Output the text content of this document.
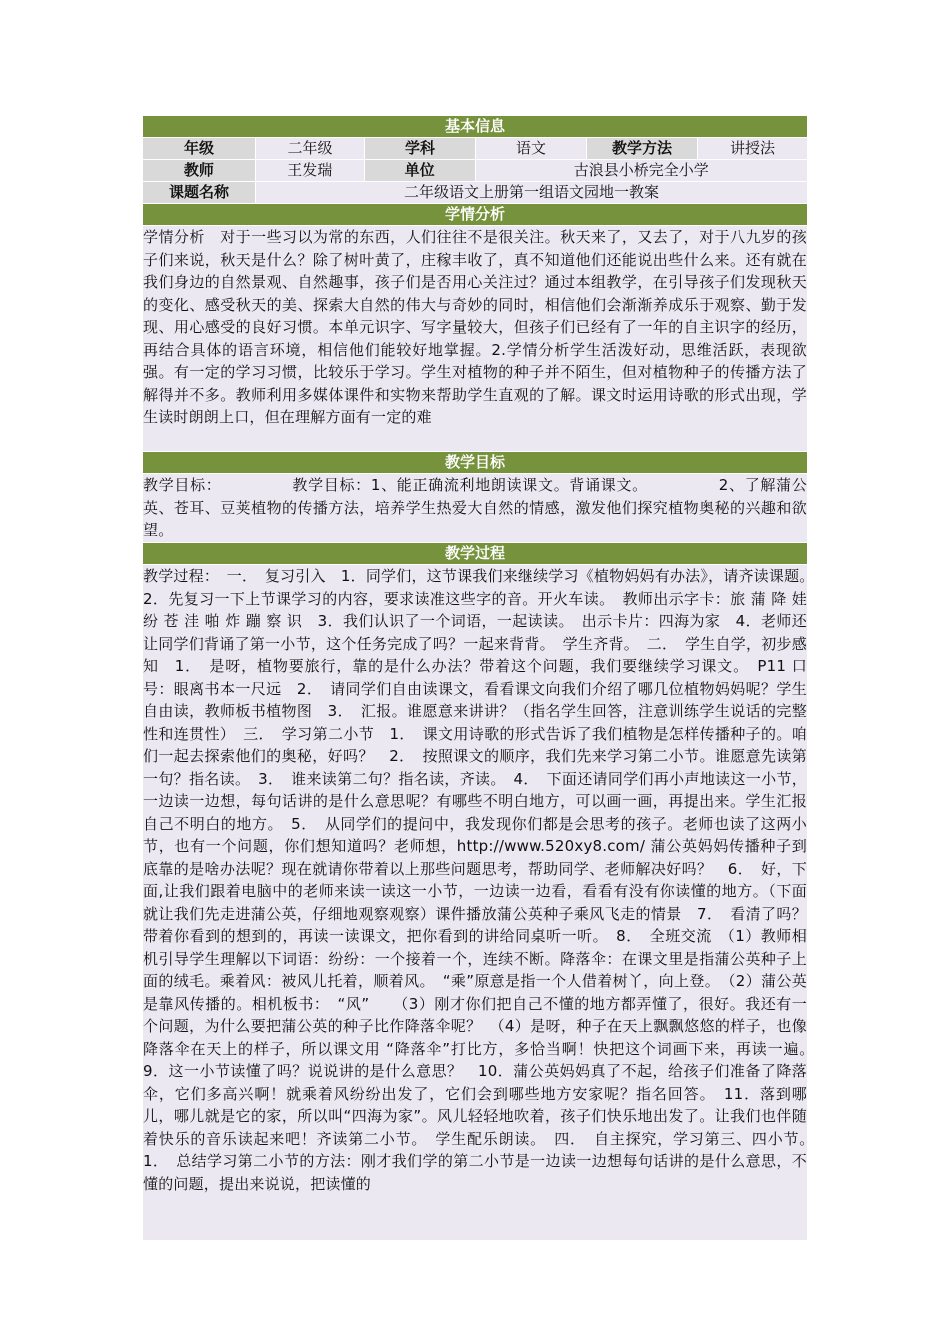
基本信息
年级	二年级	学科	语文	教学方法	讲授法
教师	王发瑞	单位	古浪县小桥完全小学
课题名称	二年级语文上册第一组语文园地一教案
学情分析
学情分析　对于一些习以为常的东西，人们往往不是很关注。秋天来了，又去了，对于八九岁的孩子们来说，秋天是什么？除了树叶黄了，庄稼丰收了，真不知道他们还能说出些什么来。还有就在我们身边的自然景观、自然趣事，孩子们是否用心关注过？通过本组教学，在引导孩子们发现秋天的变化、感受秋天的美、探索大自然的伟大与奇妙的同时，相信他们会渐渐养成乐于观察、勤于发现、用心感受的良好习惯。本单元识字、写字量较大，但孩子们已经有了一年的自主识字的经历，再结合具体的语言环境，相信他们能较好地掌握。2.学情分析学生活泼好动，思维活跃，表现欲强。有一定的学习习惯，比较乐于学习。学生对植物的种子并不陌生，但对植物种子的传播方法了解得并不多。教师利用多媒体课件和实物来帮助学生直观的了解。课文时运用诗歌的形式出现，学生读时朗朗上口，但在理解方面有一定的难
教学目标
教学目标：　　　　　教学目标：1、能正确流利地朗读课文。背诵课文。　　　　　2、了解蒲公英、苍耳、豆荚植物的传播方法，培养学生热爱大自然的情感，激发他们探究植物奥秘的兴趣和欲望。
教学过程
教学过程：　一．　复习引入　1．同学们，这节课我们来继续学习《植物妈妈有办法》，请齐读课题。　2．先复习一下上节课学习的内容，要求读准这些字的音。开火车读。　教师出示字卡：旅 蒲 降 娃 纷 苍 洼 啪 炸 蹦 察 识　3．我们认识了一个词语，一起读读。　出示卡片：四海为家　4．老师还让同学们背诵了第一小节，这个任务完成了吗？一起来背背。　学生齐背。　二．　学生自学，初步感知　1．　是呀，植物要旅行，靠的是什么办法？带着这个问题，我们要继续学习课文。　P11 口号：眼离书本一尺远　2．　请同学们自由读课文，看看课文向我们介绍了哪几位植物妈妈呢？学生自由读，教师板书植物图　3．　汇报。谁愿意来讲讲？（指名学生回答，注意训练学生说话的完整性和连贯性）　三．　学习第二小节　1．　课文用诗歌的形式告诉了我们植物是怎样传播种子的。咱们一起去探索他们的奥秘，好吗？　2．　按照课文的顺序，我们先来学习第二小节。谁愿意先读第一句？指名读。　3．　谁来读第二句？指名读，齐读。　4．　下面还请同学们再小声地读这一小节，一边读一边想，每句话讲的是什么意思呢？有哪些不明白地方，可以画一画，再提出来。学生汇报自己不明白的地方。　5．　从同学们的提问中，我发现你们都是会思考的孩子。老师也读了这两小节，也有一个问题，你们想知道吗？老师想，http://www.520xy8.com/ 蒲公英妈妈传播种子到底靠的是啥办法呢？现在就请你带着以上那些问题思考，帮助同学、老师解决好吗？　6．　好，下面,让我们跟着电脑中的老师来读一读这一小节，一边读一边看，看看有没有你读懂的地方。（下面就让我们先走进蒲公英，仔细地观察观察）课件播放蒲公英种子乘风飞走的情景　7．　看清了吗？带着你看到的想到的，再读一读课文，把你看到的讲给同桌听一听。　8．　全班交流　（1）教师相机引导学生理解以下词语：纷纷：一个接着一个，连续不断。降落伞：在课文里是指蒲公英种子上面的绒毛。乘着风：被风儿托着，顺着风。　“乘”原意是指一个人借着树丫，向上登。　（2）蒲公英是靠风传播的。相机板书：　“风”　　（3）刚才你们把自己不懂的地方都弄懂了，很好。我还有一个问题，为什么要把蒲公英的种子比作降落伞呢？　（4）是呀，种子在天上飘飘悠悠的样子，也像降落伞在天上的样子，所以课文用 “降落伞”打比方，多恰当啊！快把这个词画下来，再读一遍。　9．这一小节读懂了吗？说说讲的是什么意思？　10．蒲公英妈妈真了不起，给孩子们准备了降落伞，它们多高兴啊！就乘着风纷纷出发了，它们会到哪些地方安家呢？指名回答。　11．落到哪儿，哪儿就是它的家，所以叫“四海为家”。风儿轻轻地吹着，孩子们快乐地出发了。让我们也伴随着快乐的音乐读起来吧！齐读第二小节。　学生配乐朗读。　四．　自主探究，学习第三、四小节。　1．　总结学习第二小节的方法：刚才我们学的第二小节是一边读一边想每句话讲的是什么意思，不懂的问题，提出来说说，把读懂的
